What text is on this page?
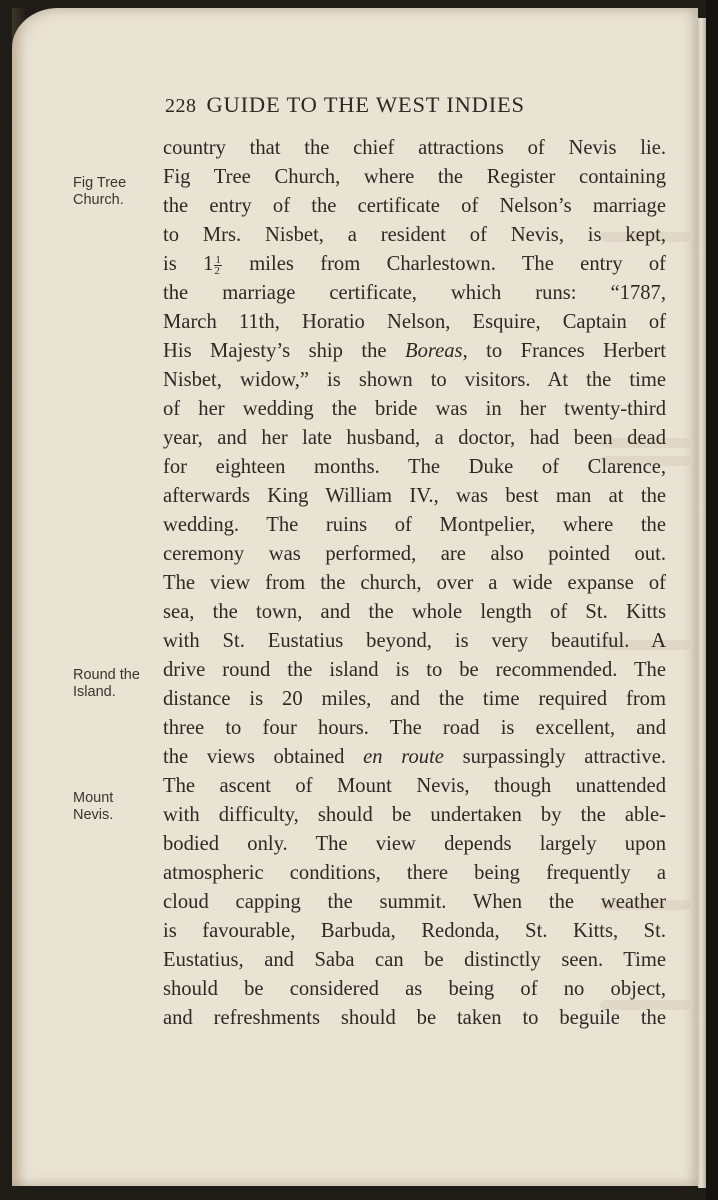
228 GUIDE TO THE WEST INDIES
Fig Tree
Church.
Round the
Island.
Mount
Nevis.
country that the chief attractions of Nevis lie.
Fig Tree Church, where the Register containing
the entry of the certificate of Nelson’s marriage
to Mrs. Nisbet, a resident of Nevis, is kept,
is $1 \frac{1}{2}$ miles from Charlestown. The entry of
the marriage certificate, which runs: “1787,
March 11th, Horatio Nelson, Esquire, Captain of
His Majesty’s ship the Boreas, to Frances Herbert
Nisbet, widow,” is shown to visitors. At the time
of her wedding the bride was in her twenty-third
year, and her late husband, a doctor, had been dead
for eighteen months. The Duke of Clarence,
afterwards King William IV., was best man at the
wedding. The ruins of Montpelier, where the
ceremony was performed, are also pointed out.
The view from the church, over a wide expanse of
sea, the town, and the whole length of St. Kitts
with St. Eustatius beyond, is very beautiful. A
drive round the island is to be recommended. The
distance is 20 miles, and the time required from
three to four hours. The road is excellent, and
the views obtained en route surpassingly attractive.
The ascent of Mount Nevis, though unattended
with difficulty, should be undertaken by the able-
bodied only. The view depends largely upon
atmospheric conditions, there being frequently a
cloud capping the summit. When the weather
is favourable, Barbuda, Redonda, St. Kitts, St.
Eustatius, and Saba can be distinctly seen. Time
should be considered as being of no object,
and refreshments should be taken to beguile the
